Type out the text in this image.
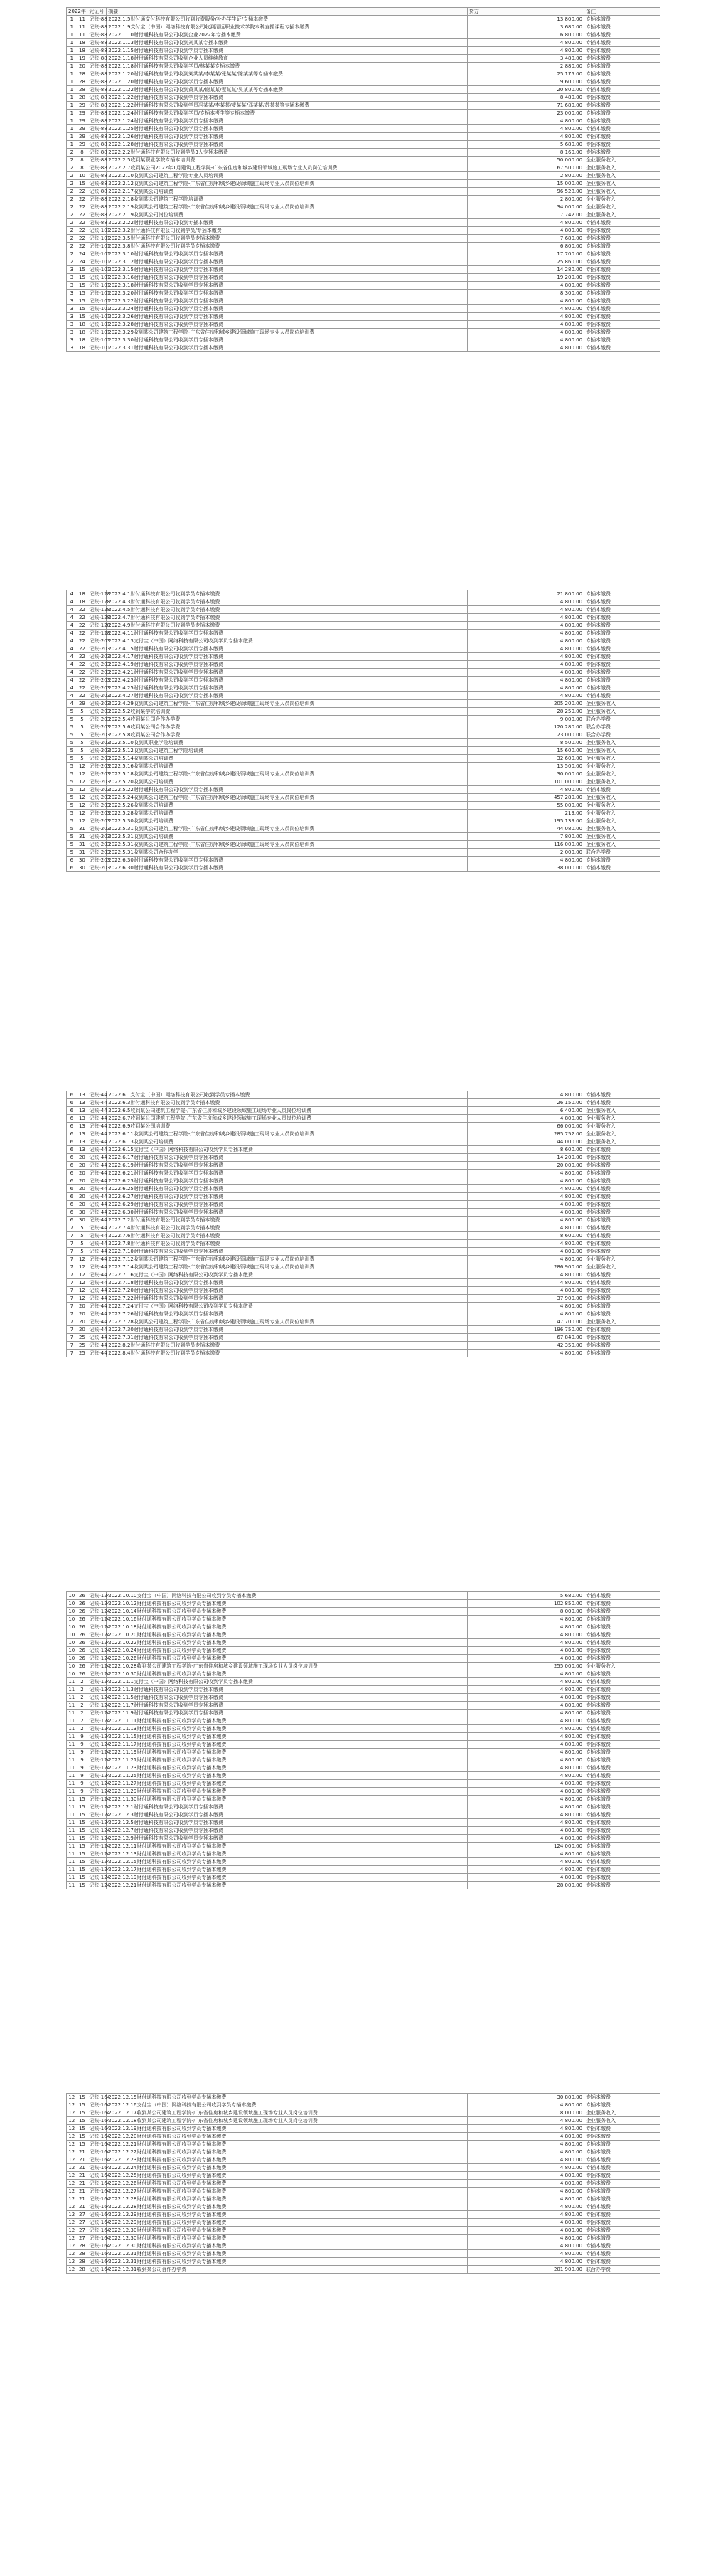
2022年		凭证号	摘要	贷方	备注
1	11	记账-88	2022.1.5财付通支付科技有限公司收到收费服务/补办学生证/专插本缴费	13,800.00	专插本缴费
1	11	记账-88	2022.1.9支付宝（中国）网络科技有限公司收到清远职业技术学院本科直播课程专插本缴费	3,680.00	专插本缴费
1	11	记账-88	2022.1.10财付通科技有限公司收到企业2022年专插本缴费	6,800.00	专插本缴费
1	18	记账-88	2022.1.13财付通科技有限公司收到刘某某专插本缴费	4,800.00	专插本缴费
1	18	记账-88	2022.1.15财付通科技有限公司收到学员专插本缴费	4,800.00	专插本缴费
1	19	记账-88	2022.1.18财付通科技有限公司收到企业人员继续教育	3,480.00	专插本缴费
1	20	记账-88	2022.1.18财付通科技有限公司收到学员/林某某专插本缴费	2,880.00	专插本缴费
1	28	记账-88	2022.1.20财付通科技有限公司收到刘某某/李某某/张某某/陈某某等专插本缴费	25,175.00	专插本缴费
1	28	记账-88	2022.1.20财付通科技有限公司收到学员专插本缴费	9,600.00	专插本缴费
1	28	记账-88	2022.1.22财付通科技有限公司收到黄某某/谢某某/蔡某某/吴某某等专插本缴费	20,800.00	专插本缴费
1	28	记账-88	2022.1.22财付通科技有限公司收到学员专插本缴费	8,480.00	专插本缴费
1	29	记账-88	2022.1.22财付通科技有限公司收到学员冯某某/李某某/麦某某/邓某某/苏某某等专插本缴费	71,680.00	专插本缴费
1	29	记账-88	2022.1.24财付通科技有限公司收到学员/专插本考生等专插本缴费	23,000.00	专插本缴费
1	29	记账-88	2022.1.24财付通科技有限公司收到学员专插本缴费	4,800.00	专插本缴费
1	29	记账-88	2022.1.25财付通科技有限公司收到学员专插本缴费	4,800.00	专插本缴费
1	29	记账-88	2022.1.26财付通科技有限公司收到学员专插本缴费	4,800.00	专插本缴费
1	29	记账-88	2022.1.28财付通科技有限公司收到学员专插本缴费	5,680.00	专插本缴费
2	8	记账-88	2022.2.2财付通科技有限公司收到学员3人专插本缴费	8,160.00	专插本缴费
2	8	记账-88	2022.2.5收到某职业学院专插本培训费	50,000.00	企业服务收入
2	8	记账-88	2022.2.7收到某公司2022年1月建筑工程学院-广东省住房和城乡建设领域施工现场专业人员岗位培训费	67,500.00	企业服务收入
2	10	记账-88	2022.2.10收到某公司建筑工程学院专业人员培训费	2,800.00	企业服务收入
2	15	记账-88	2022.2.12收到某公司建筑工程学院-广东省住房和城乡建设领域施工现场专业人员岗位培训费	15,000.00	企业服务收入
2	22	记账-88	2022.2.17收到某公司培训费	96,528.00	企业服务收入
2	22	记账-88	2022.2.18收到某公司建筑工程学院培训费	2,800.00	企业服务收入
2	22	记账-88	2022.2.19收到某公司建筑工程学院-广东省住房和城乡建设领域施工现场专业人员岗位培训费	34,000.00	企业服务收入
2	22	记账-88	2022.2.19收到某公司岗位培训费	7,742.00	企业服务收入
2	22	记账-88	2022.2.22财付通科技有限公司收到专插本缴费	4,800.00	专插本缴费
2	22	记账-101	2022.3.2财付通科技有限公司收到学员/专插本缴费	4,800.00	专插本缴费
2	22	记账-101	2022.3.5财付通科技有限公司收到学员专插本缴费	7,680.00	专插本缴费
2	22	记账-101	2022.3.8财付通科技有限公司收到学员专插本缴费	6,800.00	专插本缴费
2	24	记账-101	2022.3.10财付通科技有限公司收到学员专插本缴费	17,700.00	专插本缴费
2	24	记账-101	2022.3.12财付通科技有限公司收到学员专插本缴费	25,860.00	专插本缴费
3	15	记账-101	2022.3.15财付通科技有限公司收到学员专插本缴费	14,280.00	专插本缴费
3	15	记账-101	2022.3.16财付通科技有限公司收到学员专插本缴费	19,200.00	专插本缴费
3	15	记账-101	2022.3.18财付通科技有限公司收到学员专插本缴费	4,800.00	专插本缴费
3	15	记账-101	2022.3.20财付通科技有限公司收到学员专插本缴费	8,300.00	专插本缴费
3	15	记账-101	2022.3.22财付通科技有限公司收到学员专插本缴费	4,800.00	专插本缴费
3	15	记账-101	2022.3.24财付通科技有限公司收到学员专插本缴费	4,800.00	专插本缴费
3	15	记账-101	2022.3.26财付通科技有限公司收到学员专插本缴费	4,800.00	专插本缴费
3	18	记账-101	2022.3.28财付通科技有限公司收到学员专插本缴费	4,800.00	专插本缴费
3	18	记账-101	2022.3.29收到某公司建筑工程学院-广东省住房和城乡建设领域施工现场专业人员岗位培训费	4,800.00	专插本缴费
3	18	记账-101	2022.3.30财付通科技有限公司收到学员专插本缴费	4,800.00	专插本缴费
3	18	记账-101	2022.3.31财付通科技有限公司收到学员专插本缴费	4,800.00	专插本缴费
4	18	记账-128	2022.4.1财付通科技有限公司收到学员专插本缴费	21,800.00	专插本缴费
4	18	记账-128	2022.4.3财付通科技有限公司收到学员专插本缴费	4,800.00	专插本缴费
4	22	记账-128	2022.4.5财付通科技有限公司收到学员专插本缴费	4,800.00	专插本缴费
4	22	记账-128	2022.4.7财付通科技有限公司收到学员专插本缴费	4,800.00	专插本缴费
4	22	记账-128	2022.4.9财付通科技有限公司收到学员专插本缴费	4,800.00	专插本缴费
4	22	记账-128	2022.4.11财付通科技有限公司收到学员专插本缴费	4,800.00	专插本缴费
4	22	记账-203	2022.4.13支付宝（中国）网络科技有限公司收到学员专插本缴费	4,800.00	专插本缴费
4	22	记账-203	2022.4.15财付通科技有限公司收到学员专插本缴费	4,800.00	专插本缴费
4	22	记账-203	2022.4.17财付通科技有限公司收到学员专插本缴费	4,800.00	专插本缴费
4	22	记账-203	2022.4.19财付通科技有限公司收到学员专插本缴费	4,800.00	专插本缴费
4	22	记账-203	2022.4.21财付通科技有限公司收到学员专插本缴费	4,800.00	专插本缴费
4	22	记账-203	2022.4.23财付通科技有限公司收到学员专插本缴费	4,800.00	专插本缴费
4	22	记账-203	2022.4.25财付通科技有限公司收到学员专插本缴费	4,800.00	专插本缴费
4	22	记账-203	2022.4.27财付通科技有限公司收到学员专插本缴费	4,800.00	专插本缴费
4	29	记账-203	2022.4.29收到某公司建筑工程学院-广东省住房和城乡建设领域施工现场专业人员岗位培训费	205,200.00	企业服务收入
5	5	记账-203	2022.5.2收到某学院培训费	28,250.00	企业服务收入
5	5	记账-203	2022.5.4收到某公司合作办学费	9,000.00	联合办学费
5	5	记账-203	2022.5.6收到某公司合作办学费	120,280.00	联合办学费
5	5	记账-203	2022.5.8收到某公司合作办学费	23,000.00	联合办学费
5	5	记账-203	2022.5.10收到某职业学院培训费	8,500.00	企业服务收入
5	5	记账-203	2022.5.12收到某公司建筑工程学院培训费	15,600.00	企业服务收入
5	5	记账-203	2022.5.14收到某公司培训费	32,600.00	企业服务收入
5	12	记账-203	2022.5.16收到某公司培训费	13,500.00	企业服务收入
5	12	记账-203	2022.5.18收到某公司建筑工程学院-广东省住房和城乡建设领域施工现场专业人员岗位培训费	30,000.00	企业服务收入
5	12	记账-203	2022.5.20收到某公司培训费	101,000.00	企业服务收入
5	12	记账-203	2022.5.22财付通科技有限公司收到学员专插本缴费	4,800.00	专插本缴费
5	12	记账-203	2022.5.24收到某公司建筑工程学院-广东省住房和城乡建设领域施工现场专业人员岗位培训费	457,280.00	企业服务收入
5	12	记账-203	2022.5.26收到某公司培训费	55,000.00	企业服务收入
5	12	记账-203	2022.5.28收到某公司培训费	219.00	企业服务收入
5	12	记账-203	2022.5.30收到某公司培训费	195,139.00	企业服务收入
5	31	记账-203	2022.5.31收到某公司建筑工程学院-广东省住房和城乡建设领域施工现场专业人员岗位培训费	44,080.00	企业服务收入
5	31	记账-203	2022.5.31收到某公司培训费	7,800.00	企业服务收入
5	31	记账-203	2022.5.31收到某公司建筑工程学院-广东省住房和城乡建设领域施工现场专业人员岗位培训费	116,000.00	企业服务收入
5	31	记账-203	2022.5.31收到某公司合作办学	2,000.00	联合办学费
6	30	记账-203	2022.6.30财付通科技有限公司收到学员专插本缴费	4,800.00	专插本缴费
6	30	记账-203	2022.6.30财付通科技有限公司收到学员专插本缴费	38,000.00	专插本缴费
6	13	记账-44	2022.6.1支付宝（中国）网络科技有限公司收到学员专插本缴费	4,800.00	专插本缴费
6	13	记账-44	2022.6.3财付通科技有限公司收到学员专插本缴费	26,150.00	专插本缴费
6	13	记账-44	2022.6.5收到某公司建筑工程学院-广东省住房和城乡建设领域施工现场专业人员岗位培训费	6,400.00	企业服务收入
6	13	记账-44	2022.6.7收到某公司建筑工程学院-广东省住房和城乡建设领域施工现场专业人员岗位培训费	4,800.00	企业服务收入
6	13	记账-44	2022.6.9收到某公司培训费	66,000.00	企业服务收入
6	13	记账-44	2022.6.11收到某公司建筑工程学院-广东省住房和城乡建设领域施工现场专业人员岗位培训费	285,752.00	企业服务收入
6	13	记账-44	2022.6.13收到某公司培训费	44,000.00	企业服务收入
6	13	记账-44	2022.6.15支付宝（中国）网络科技有限公司收到学员专插本缴费	8,600.00	专插本缴费
6	20	记账-44	2022.6.17财付通科技有限公司收到学员专插本缴费	14,200.00	专插本缴费
6	20	记账-44	2022.6.19财付通科技有限公司收到学员专插本缴费	20,000.00	专插本缴费
6	20	记账-44	2022.6.21财付通科技有限公司收到学员专插本缴费	4,800.00	专插本缴费
6	20	记账-44	2022.6.23财付通科技有限公司收到学员专插本缴费	4,800.00	专插本缴费
6	20	记账-44	2022.6.25财付通科技有限公司收到学员专插本缴费	4,800.00	专插本缴费
6	20	记账-44	2022.6.27财付通科技有限公司收到学员专插本缴费	4,800.00	专插本缴费
6	20	记账-44	2022.6.29财付通科技有限公司收到学员专插本缴费	4,800.00	专插本缴费
6	30	记账-44	2022.6.30财付通科技有限公司收到学员专插本缴费	4,800.00	专插本缴费
6	30	记账-44	2022.7.2财付通科技有限公司收到学员专插本缴费	4,800.00	专插本缴费
7	5	记账-44	2022.7.4财付通科技有限公司收到学员专插本缴费	4,800.00	专插本缴费
7	5	记账-44	2022.7.6财付通科技有限公司收到学员专插本缴费	8,600.00	专插本缴费
7	5	记账-44	2022.7.8财付通科技有限公司收到学员专插本缴费	4,800.00	专插本缴费
7	5	记账-44	2022.7.10财付通科技有限公司收到学员专插本缴费	4,800.00	专插本缴费
7	12	记账-44	2022.7.12收到某公司建筑工程学院-广东省住房和城乡建设领域施工现场专业人员岗位培训费	4,800.00	企业服务收入
7	12	记账-44	2022.7.14收到某公司建筑工程学院-广东省住房和城乡建设领域施工现场专业人员岗位培训费	286,900.00	企业服务收入
7	12	记账-44	2022.7.16支付宝（中国）网络科技有限公司收到学员专插本缴费	4,800.00	专插本缴费
7	12	记账-44	2022.7.18财付通科技有限公司收到学员专插本缴费	4,800.00	专插本缴费
7	12	记账-44	2022.7.20财付通科技有限公司收到学员专插本缴费	4,800.00	专插本缴费
7	12	记账-44	2022.7.22财付通科技有限公司收到学员专插本缴费	37,900.00	专插本缴费
7	20	记账-44	2022.7.24支付宝（中国）网络科技有限公司收到学员专插本缴费	4,800.00	专插本缴费
7	20	记账-44	2022.7.26财付通科技有限公司收到学员专插本缴费	4,800.00	专插本缴费
7	20	记账-44	2022.7.28收到某公司建筑工程学院-广东省住房和城乡建设领域施工现场专业人员岗位培训费	47,700.00	企业服务收入
7	20	记账-44	2022.7.30财付通科技有限公司收到学员专插本缴费	196,750.00	专插本缴费
7	25	记账-44	2022.7.31财付通科技有限公司收到学员专插本缴费	67,840.00	专插本缴费
7	25	记账-44	2022.8.2财付通科技有限公司收到学员专插本缴费	42,350.00	专插本缴费
7	25	记账-44	2022.8.4财付通科技有限公司收到学员专插本缴费	4,800.00	专插本缴费
10	26	记账-124	2022.10.10支付宝（中国）网络科技有限公司收到学员专插本缴费	5,680.00	专插本缴费
10	26	记账-124	2022.10.12财付通科技有限公司收到学员专插本缴费	102,850.00	专插本缴费
10	26	记账-124	2022.10.14财付通科技有限公司收到学员专插本缴费	8,000.00	专插本缴费
10	26	记账-124	2022.10.16财付通科技有限公司收到学员专插本缴费	4,800.00	专插本缴费
10	26	记账-124	2022.10.18财付通科技有限公司收到学员专插本缴费	4,800.00	专插本缴费
10	26	记账-124	2022.10.20财付通科技有限公司收到学员专插本缴费	4,800.00	专插本缴费
10	26	记账-124	2022.10.22财付通科技有限公司收到学员专插本缴费	4,800.00	专插本缴费
10	26	记账-124	2022.10.24财付通科技有限公司收到学员专插本缴费	4,800.00	专插本缴费
10	26	记账-124	2022.10.26财付通科技有限公司收到学员专插本缴费	4,800.00	专插本缴费
10	26	记账-124	2022.10.28收到某公司建筑工程学院-广东省住房和城乡建设领域施工现场专业人员岗位培训费	255,000.00	企业服务收入
10	26	记账-124	2022.10.30财付通科技有限公司收到学员专插本缴费	4,800.00	专插本缴费
11	2	记账-124	2022.11.1支付宝（中国）网络科技有限公司收到学员专插本缴费	4,800.00	专插本缴费
11	2	记账-124	2022.11.3财付通科技有限公司收到学员专插本缴费	4,800.00	专插本缴费
11	2	记账-124	2022.11.5财付通科技有限公司收到学员专插本缴费	4,800.00	专插本缴费
11	2	记账-124	2022.11.7财付通科技有限公司收到学员专插本缴费	4,800.00	专插本缴费
11	2	记账-124	2022.11.9财付通科技有限公司收到学员专插本缴费	4,800.00	专插本缴费
11	2	记账-124	2022.11.11财付通科技有限公司收到学员专插本缴费	4,800.00	专插本缴费
11	2	记账-124	2022.11.13财付通科技有限公司收到学员专插本缴费	4,800.00	专插本缴费
11	9	记账-124	2022.11.15财付通科技有限公司收到学员专插本缴费	4,800.00	专插本缴费
11	9	记账-124	2022.11.17财付通科技有限公司收到学员专插本缴费	4,800.00	专插本缴费
11	9	记账-124	2022.11.19财付通科技有限公司收到学员专插本缴费	4,800.00	专插本缴费
11	9	记账-124	2022.11.21财付通科技有限公司收到学员专插本缴费	4,800.00	专插本缴费
11	9	记账-124	2022.11.23财付通科技有限公司收到学员专插本缴费	4,800.00	专插本缴费
11	9	记账-124	2022.11.25财付通科技有限公司收到学员专插本缴费	4,800.00	专插本缴费
11	9	记账-124	2022.11.27财付通科技有限公司收到学员专插本缴费	4,800.00	专插本缴费
11	9	记账-124	2022.11.29财付通科技有限公司收到学员专插本缴费	4,800.00	专插本缴费
11	15	记账-124	2022.11.30财付通科技有限公司收到学员专插本缴费	4,800.00	专插本缴费
11	15	记账-124	2022.12.1财付通科技有限公司收到学员专插本缴费	4,800.00	专插本缴费
11	15	记账-124	2022.12.3财付通科技有限公司收到学员专插本缴费	4,800.00	专插本缴费
11	15	记账-124	2022.12.5财付通科技有限公司收到学员专插本缴费	4,800.00	专插本缴费
11	15	记账-124	2022.12.7财付通科技有限公司收到学员专插本缴费	4,800.00	专插本缴费
11	15	记账-124	2022.12.9财付通科技有限公司收到学员专插本缴费	4,800.00	专插本缴费
11	15	记账-124	2022.12.11财付通科技有限公司收到学员专插本缴费	124,000.00	专插本缴费
11	15	记账-124	2022.12.13财付通科技有限公司收到学员专插本缴费	4,800.00	专插本缴费
11	15	记账-124	2022.12.15财付通科技有限公司收到学员专插本缴费	4,800.00	专插本缴费
11	15	记账-124	2022.12.17财付通科技有限公司收到学员专插本缴费	4,800.00	专插本缴费
11	15	记账-124	2022.12.19财付通科技有限公司收到学员专插本缴费	4,800.00	专插本缴费
11	15	记账-124	2022.12.21财付通科技有限公司收到学员专插本缴费	28,000.00	专插本缴费
12	15	记账-164	2022.12.15财付通科技有限公司收到学员专插本缴费	30,800.00	专插本缴费
12	15	记账-164	2022.12.16支付宝（中国）网络科技有限公司收到学员专插本缴费	4,800.00	专插本缴费
12	15	记账-164	2022.12.17收到某公司建筑工程学院-广东省住房和城乡建设领域施工现场专业人员岗位培训费	8,000.00	企业服务收入
12	15	记账-164	2022.12.18收到某公司建筑工程学院-广东省住房和城乡建设领域施工现场专业人员岗位培训费	4,800.00	企业服务收入
12	15	记账-164	2022.12.19财付通科技有限公司收到学员专插本缴费	4,800.00	专插本缴费
12	15	记账-164	2022.12.20财付通科技有限公司收到学员专插本缴费	4,800.00	专插本缴费
12	15	记账-164	2022.12.21财付通科技有限公司收到学员专插本缴费	4,800.00	专插本缴费
12	21	记账-164	2022.12.22财付通科技有限公司收到学员专插本缴费	4,800.00	专插本缴费
12	21	记账-164	2022.12.23财付通科技有限公司收到学员专插本缴费	4,800.00	专插本缴费
12	21	记账-164	2022.12.24财付通科技有限公司收到学员专插本缴费	4,800.00	专插本缴费
12	21	记账-164	2022.12.25财付通科技有限公司收到学员专插本缴费	4,800.00	专插本缴费
12	21	记账-164	2022.12.26财付通科技有限公司收到学员专插本缴费	4,800.00	专插本缴费
12	21	记账-164	2022.12.27财付通科技有限公司收到学员专插本缴费	4,800.00	专插本缴费
12	21	记账-164	2022.12.28财付通科技有限公司收到学员专插本缴费	4,800.00	专插本缴费
12	21	记账-164	2022.12.28财付通科技有限公司收到学员专插本缴费	4,800.00	专插本缴费
12	27	记账-164	2022.12.29财付通科技有限公司收到学员专插本缴费	4,800.00	专插本缴费
12	27	记账-164	2022.12.29财付通科技有限公司收到学员专插本缴费	4,800.00	专插本缴费
12	27	记账-164	2022.12.30财付通科技有限公司收到学员专插本缴费	4,800.00	专插本缴费
12	27	记账-164	2022.12.30财付通科技有限公司收到学员专插本缴费	4,800.00	专插本缴费
12	28	记账-164	2022.12.30财付通科技有限公司收到学员专插本缴费	4,800.00	专插本缴费
12	28	记账-164	2022.12.31财付通科技有限公司收到学员专插本缴费	4,800.00	专插本缴费
12	28	记账-164	2022.12.31财付通科技有限公司收到学员专插本缴费	4,800.00	专插本缴费
12	28	记账-164	2022.12.31收到某公司合作办学费	201,900.00	联合办学费
